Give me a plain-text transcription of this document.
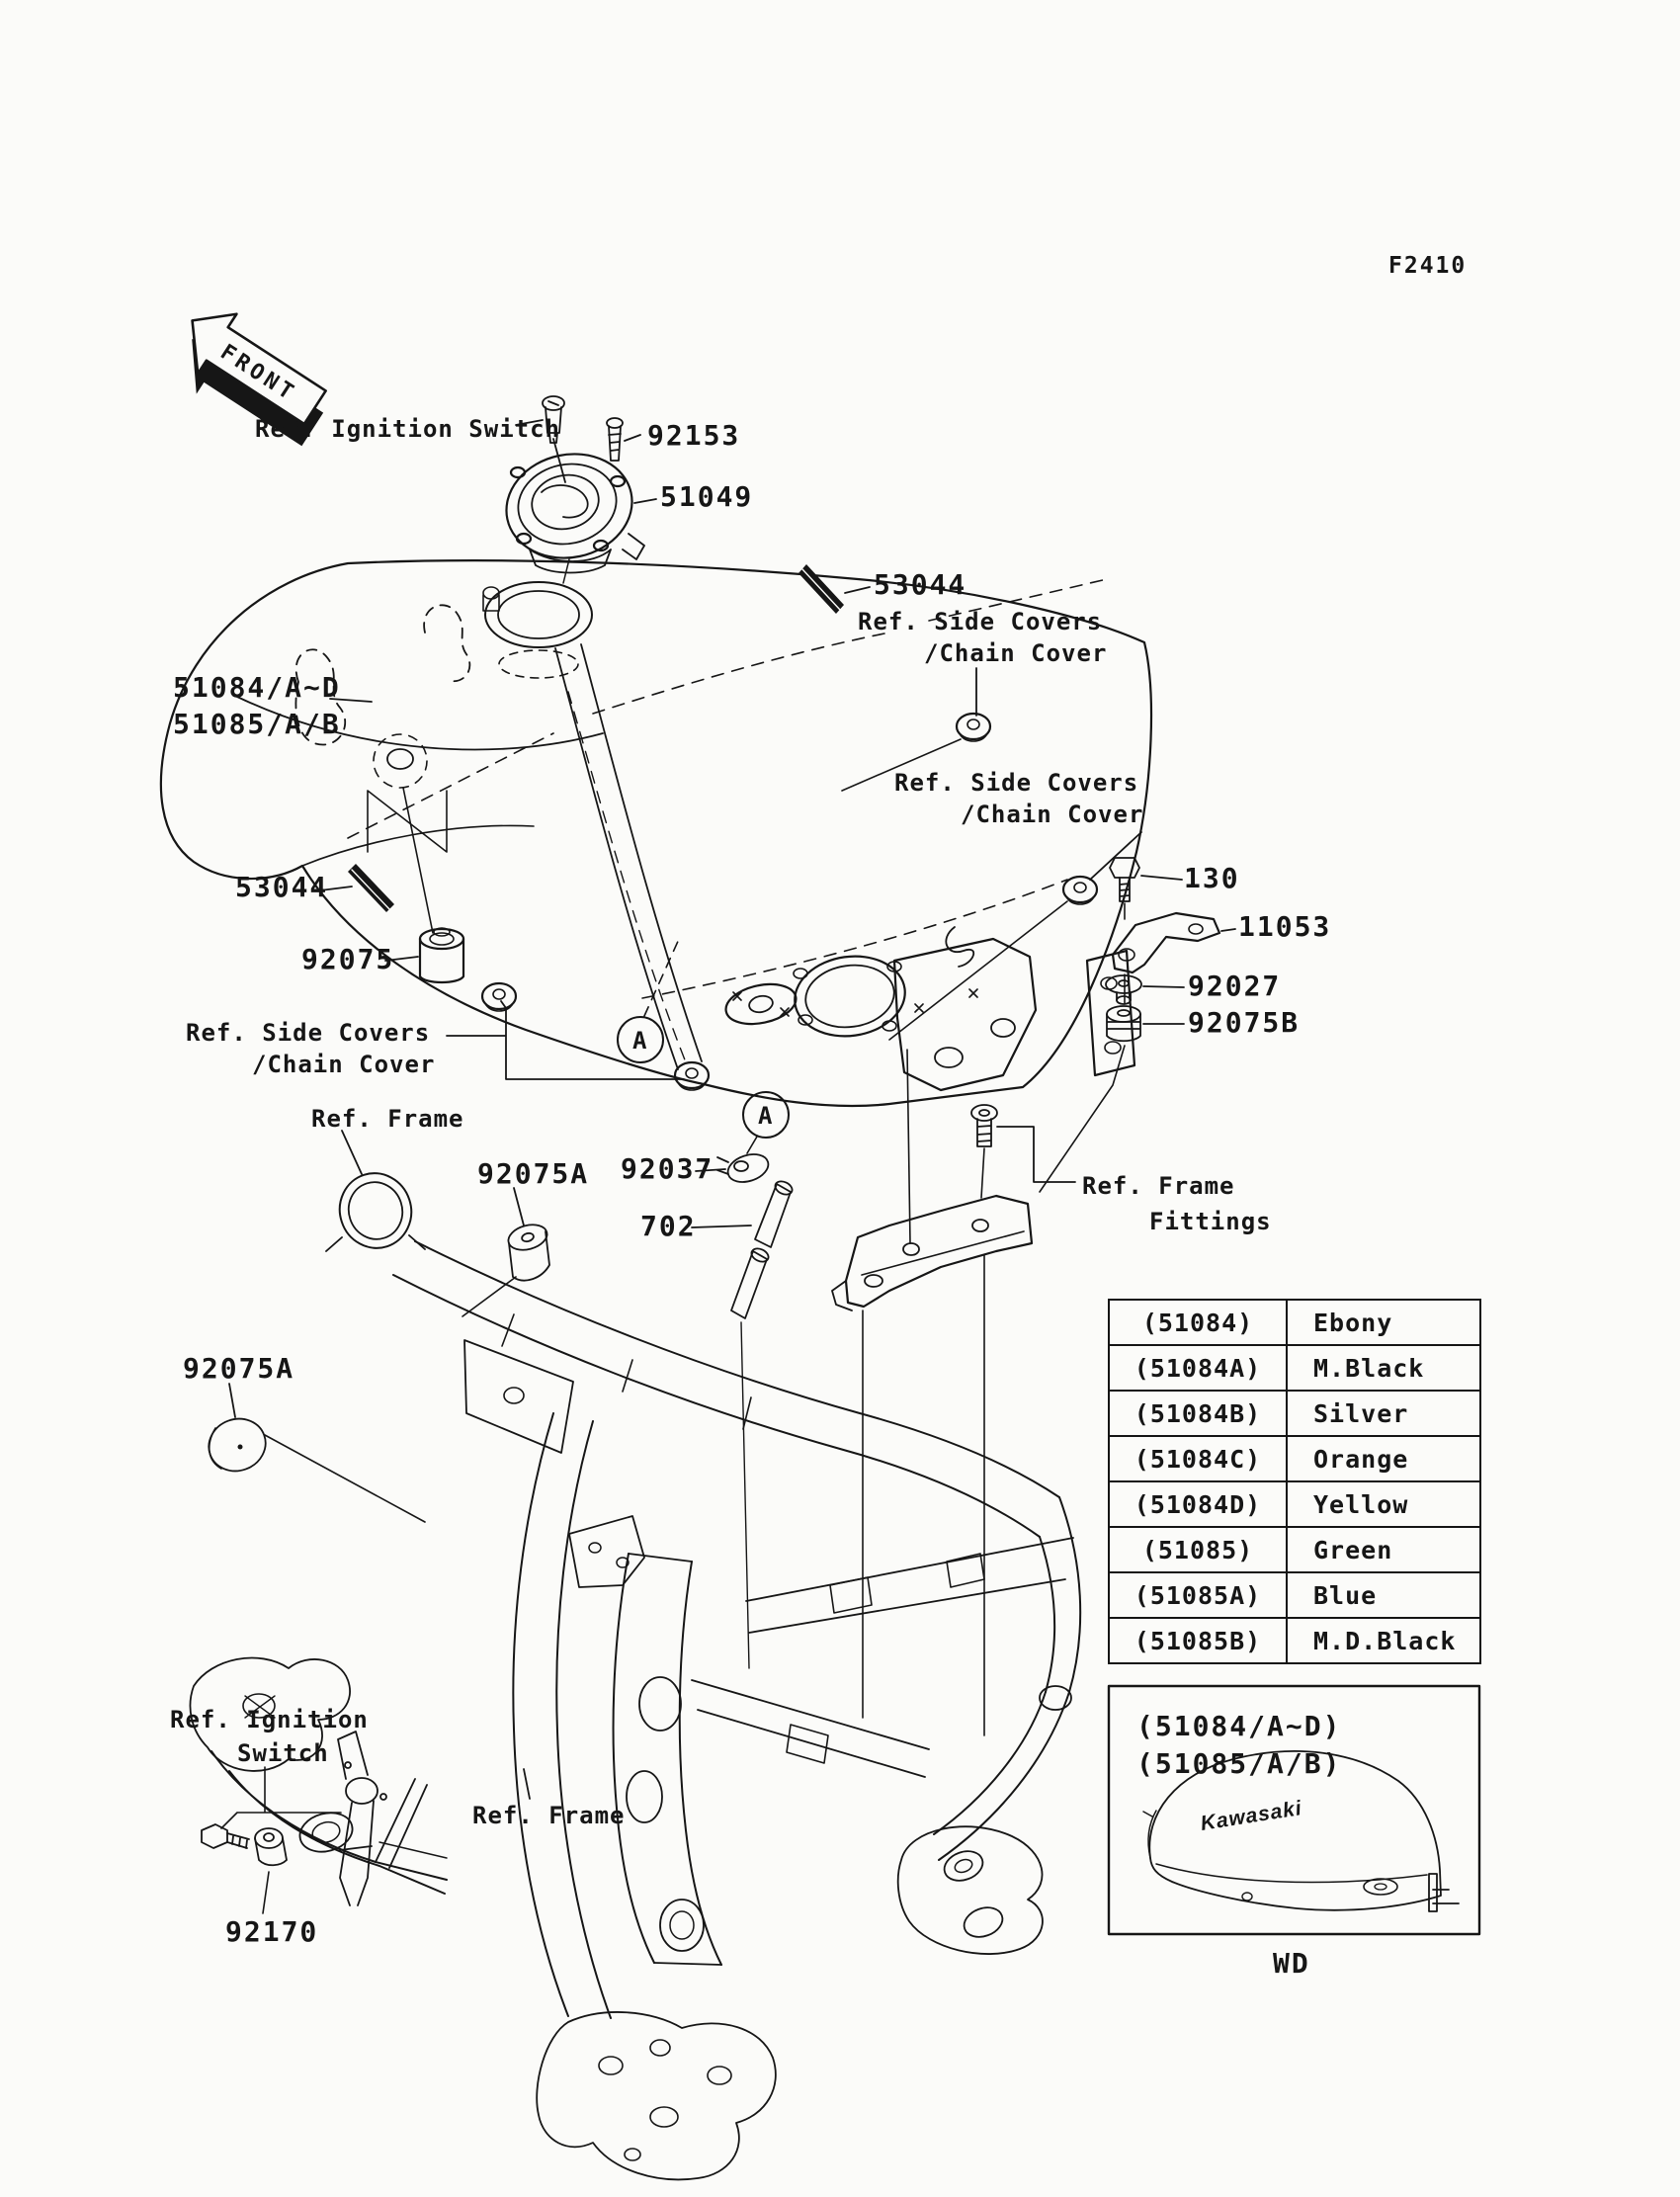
FRONT
F2410
A
A
Kawasaki
Ref. Ignition Switch	92153
51049
53044
Ref. Side Covers
/Chain Cover
Ref. Side Covers
/Chain Cover
51084/A~D
51085/A/B
53044
92075
Ref. Side Covers
/Chain Cover
130
11053
92027
92075B
Ref. Frame
92075A 92037
702
Ref. Frame
Fittings
92075A
Ref. Ignition
Switch
92170
Ref. Frame
(51084/A~D)
(51085/A/B)
WD
(51084)	Ebony
(51084A)	M.Black
(51084B)	Silver
(51084C)	Orange
(51084D)	Yellow
(51085)	Green
(51085A)	Blue
(51085B)	M.D.Black
